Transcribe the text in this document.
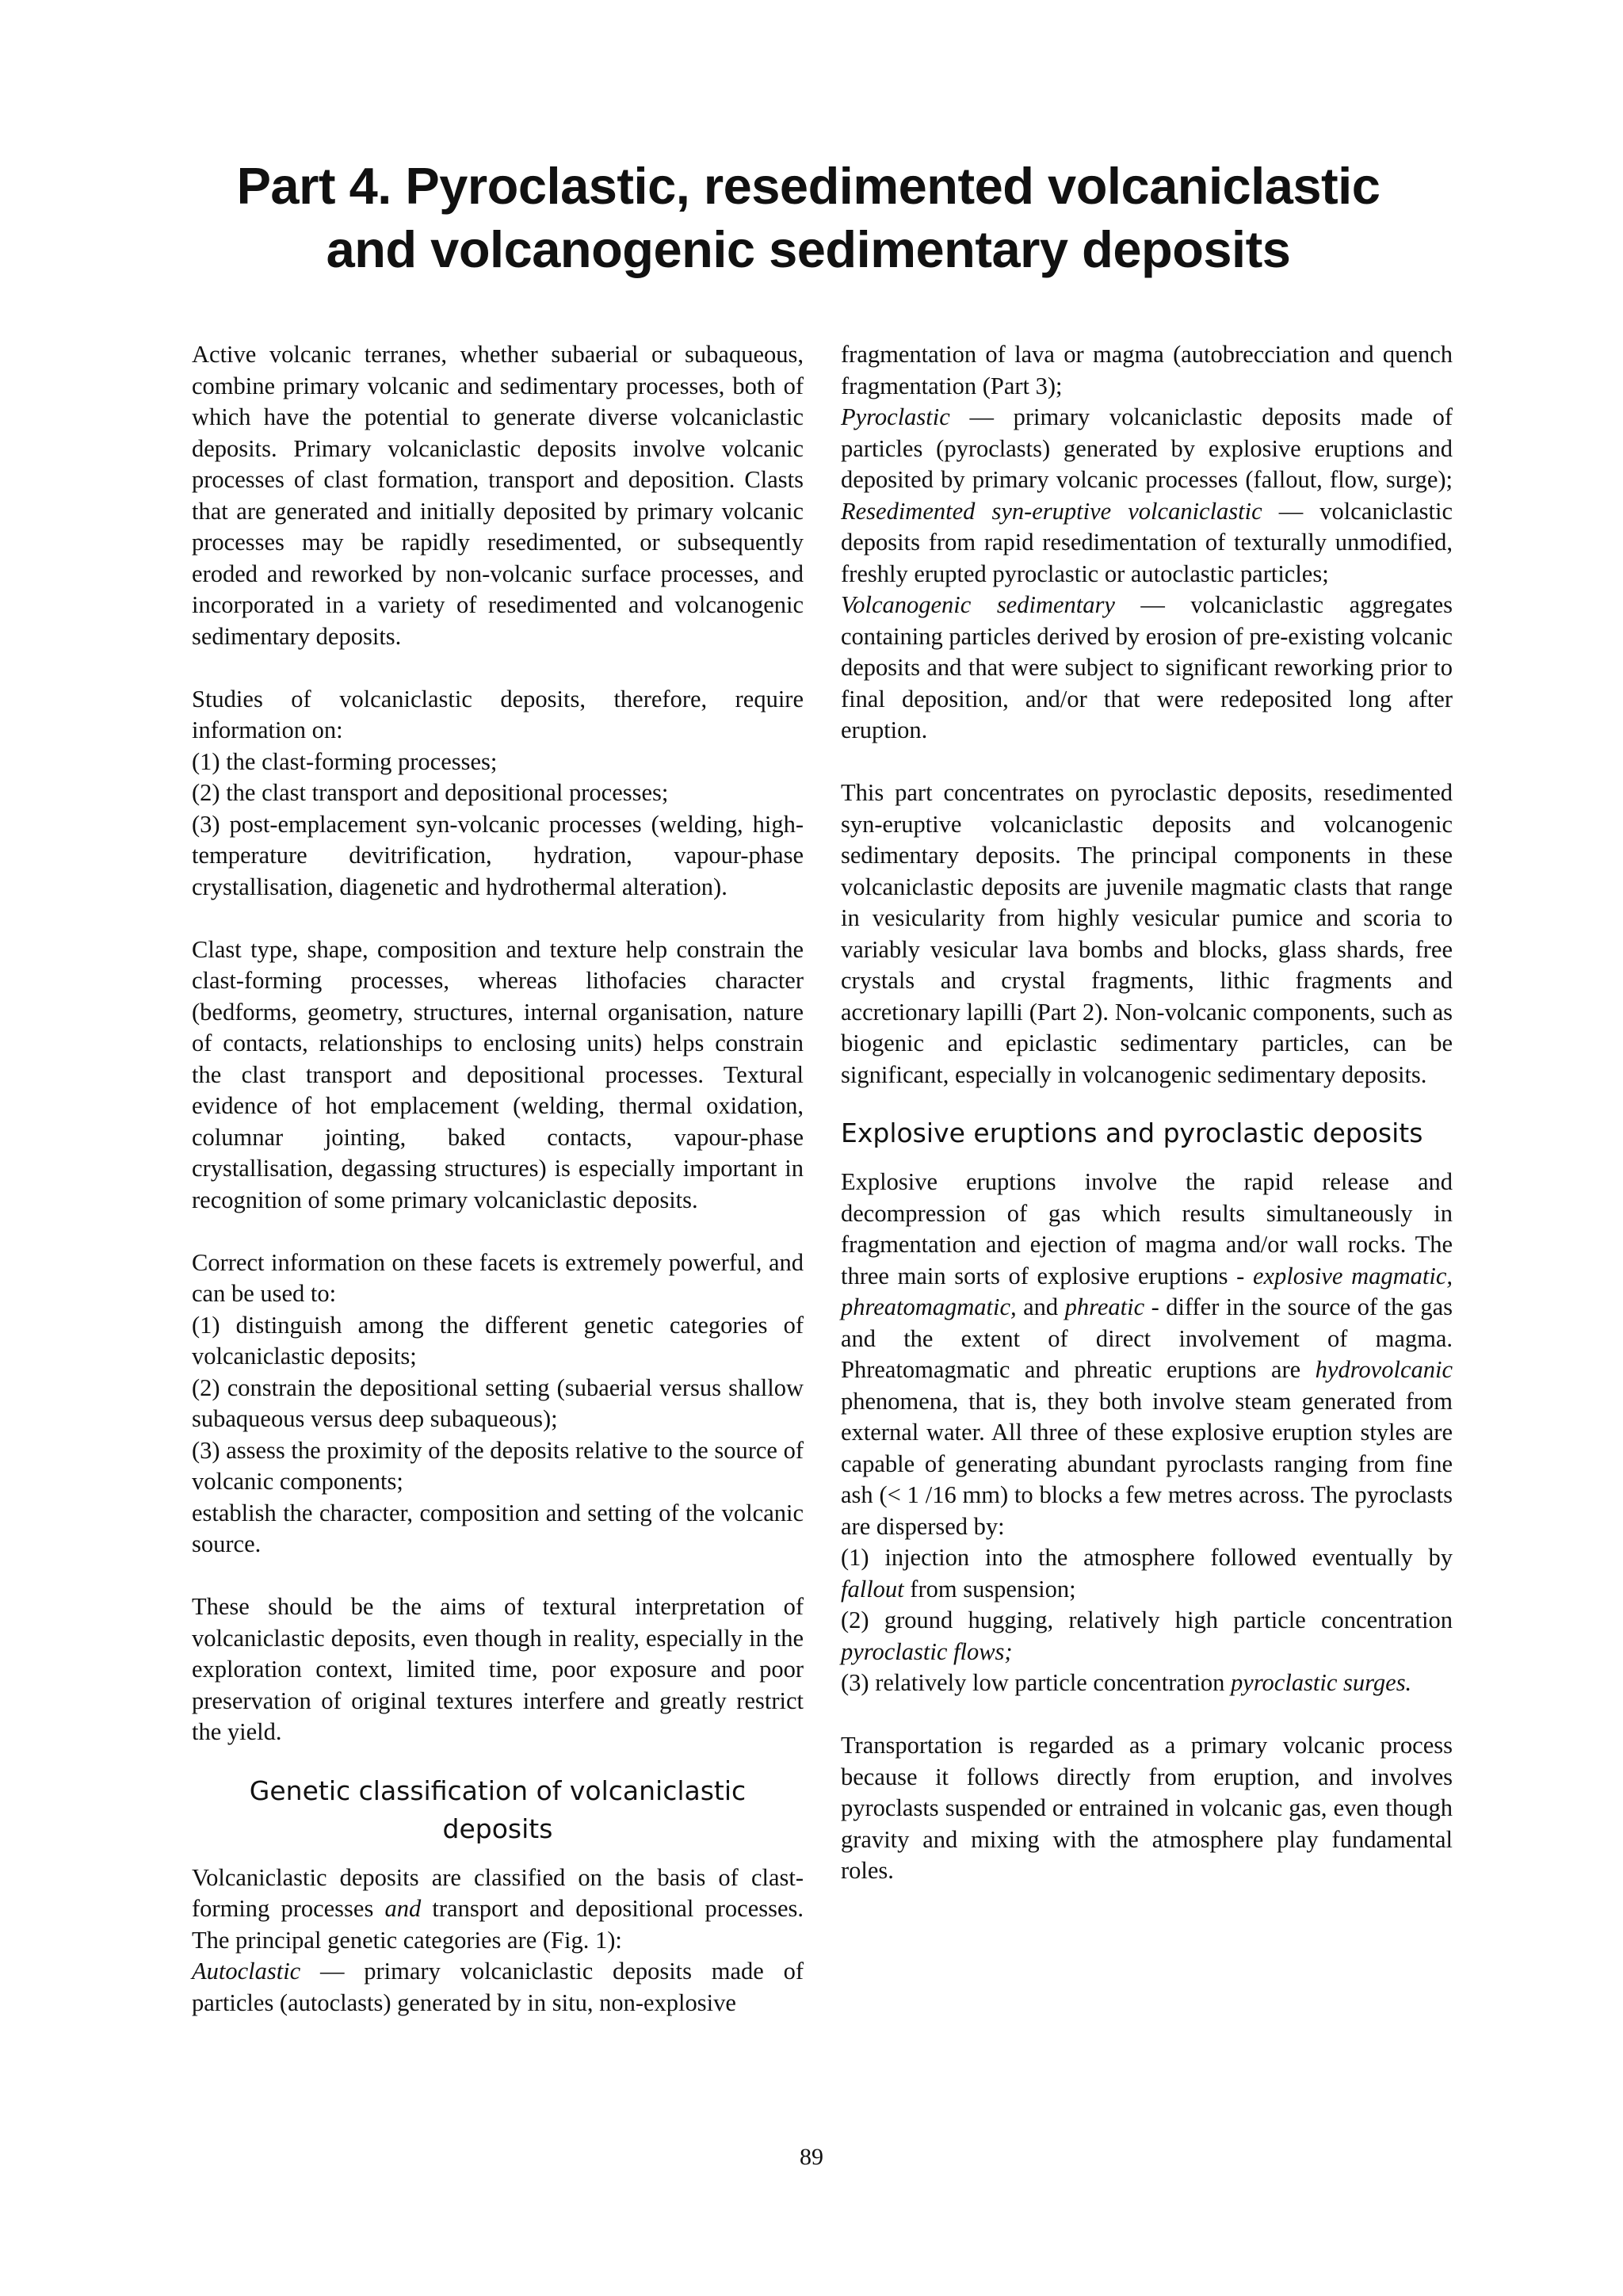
Part 4. Pyroclastic, resedimented volcaniclastic
and volcanogenic sedimentary deposits

Active volcanic terranes, whether subaerial or subaqueous, combine primary volcanic and sedimentary processes, both of which have the potential to generate diverse volcaniclastic deposits. Primary volcaniclastic deposits involve volcanic processes of clast formation, transport and deposition. Clasts that are generated and initially deposited by primary volcanic processes may be rapidly resedimented, or subsequently eroded and reworked by non-volcanic surface processes, and incorporated in a variety of resedimented and volcanogenic sedimentary deposits.

Studies of volcaniclastic deposits, therefore, require information on:

(1) the clast-forming processes;

(2) the clast transport and depositional processes;

(3) post-emplacement syn-volcanic processes (welding, high-temperature devitrification, hydration, vapour-phase crystallisation, diagenetic and hydrothermal alteration).

Clast type, shape, composition and texture help constrain the clast-forming processes, whereas lithofacies character (bedforms, geometry, structures, internal organisation, nature of contacts, relationships to enclosing units) helps constrain the clast transport and depositional processes. Textural evidence of hot emplacement (welding, thermal oxidation, columnar jointing, baked contacts, vapour-phase crystallisation, degassing structures) is especially important in recognition of some primary volcaniclastic deposits.

Correct information on these facets is extremely powerful, and can be used to:

(1) distinguish among the different genetic categories of volcaniclastic deposits;

(2) constrain the depositional setting (subaerial versus shallow subaqueous versus deep subaqueous);

(3) assess the proximity of the deposits relative to the source of volcanic components;

establish the character, composition and setting of the volcanic source.

These should be the aims of textural interpretation of volcaniclastic deposits, even though in reality, especially in the exploration context, limited time, poor exposure and poor preservation of original textures interfere and greatly restrict the yield.

Genetic classification of volcaniclastic deposits

Volcaniclastic deposits are classified on the basis of clast-forming processes and transport and depositional processes. The principal genetic categories are (Fig. 1):

Autoclastic — primary volcaniclastic deposits made of particles (autoclasts) generated by in situ, non-explosive

fragmentation of lava or magma (autobrecciation and quench fragmentation (Part 3);

Pyroclastic — primary volcaniclastic deposits made of particles (pyroclasts) generated by explosive eruptions and deposited by primary volcanic processes (fallout, flow, surge); Resedimented syn-eruptive volcaniclastic — volcaniclastic deposits from rapid resedimentation of texturally unmodified, freshly erupted pyroclastic or autoclastic particles;

Volcanogenic sedimentary — volcaniclastic aggregates containing particles derived by erosion of pre-existing volcanic deposits and that were subject to significant reworking prior to final deposition, and/or that were redeposited long after eruption.

This part concentrates on pyroclastic deposits, resedimented syn-eruptive volcaniclastic deposits and volcanogenic sedimentary deposits. The principal components in these volcaniclastic deposits are juvenile magmatic clasts that range in vesicularity from highly vesicular pumice and scoria to variably vesicular lava bombs and blocks, glass shards, free crystals and crystal fragments, lithic fragments and accretionary lapilli (Part 2). Non-volcanic components, such as biogenic and epiclastic sedimentary particles, can be significant, especially in volcanogenic sedimentary deposits.

Explosive eruptions and pyroclastic deposits

Explosive eruptions involve the rapid release and decompression of gas which results simultaneously in fragmentation and ejection of magma and/or wall rocks. The three main sorts of explosive eruptions - explosive magmatic, phreatomagmatic, and phreatic - differ in the source of the gas and the extent of direct involvement of magma. Phreatomagmatic and phreatic eruptions are hydrovolcanic phenomena, that is, they both involve steam generated from external water. All three of these explosive eruption styles are capable of generating abundant pyroclasts ranging from fine ash (< 1 /16 mm) to blocks a few metres across. The pyroclasts are dispersed by:

(1) injection into the atmosphere followed eventually by fallout from suspension;

(2) ground hugging, relatively high particle concentration pyroclastic flows;

(3) relatively low particle concentration pyroclastic surges.

Transportation is regarded as a primary volcanic process because it follows directly from eruption, and involves pyroclasts suspended or entrained in volcanic gas, even though gravity and mixing with the atmosphere play fundamental roles.

89
